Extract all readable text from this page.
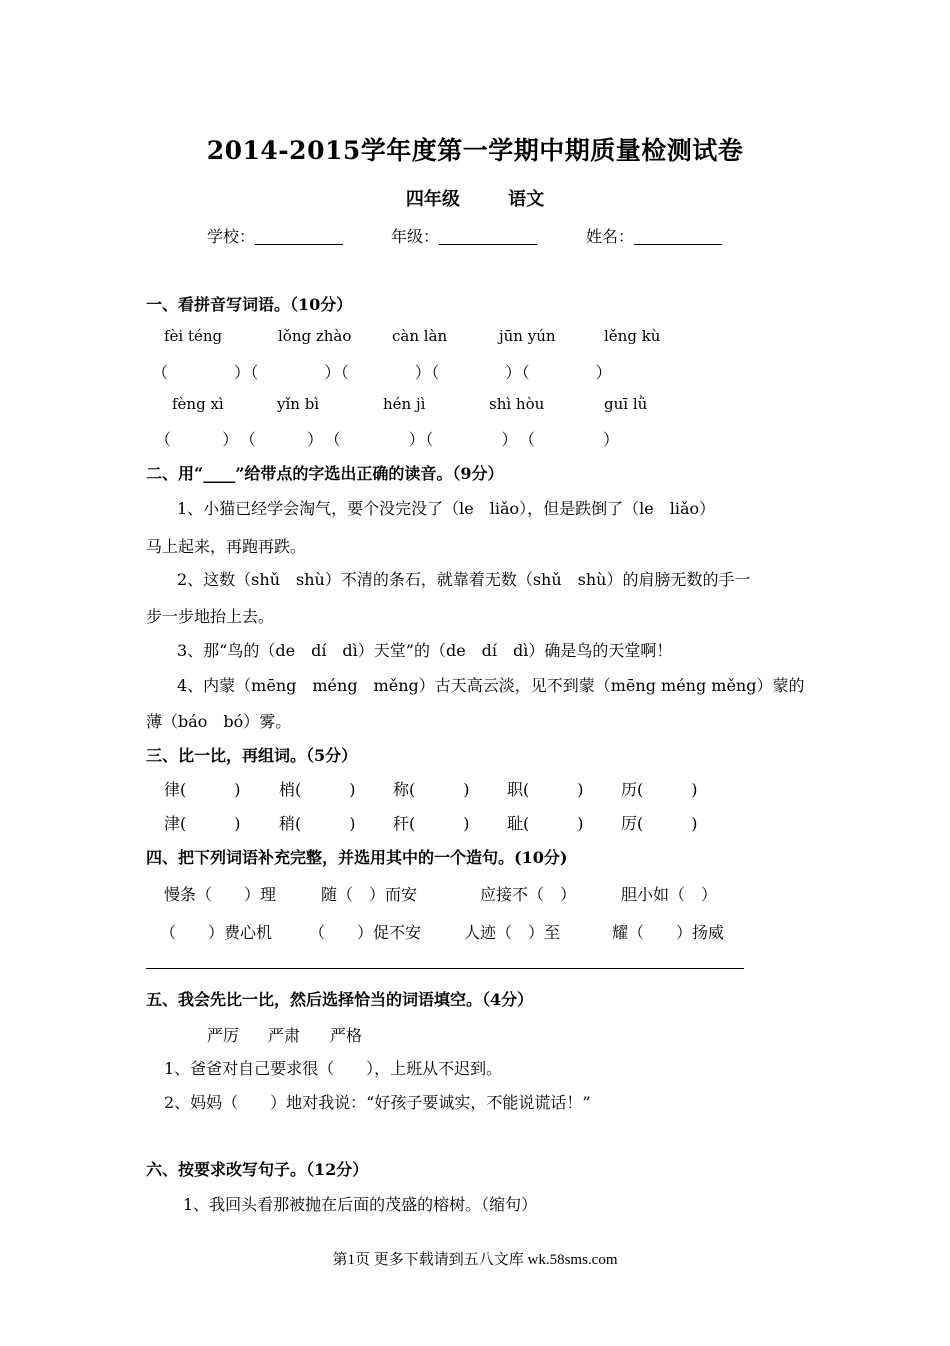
2014-2015学年度第一学期中期质量检测试卷
四年级	语文
学校：	年级：	姓名：
一、看拼音写词语。（10分）
fèi téng	lǒng zhào	càn làn	jūn yún	lěng kù
（　　　　）（　　　　）（　　　　）（　　　　）（　　　　）
fèng xì	yǐn bì	hén jì	shì hòu	guī lǜ
（　　　）　（　　　）　（　　　　）（　　　　）　（　　　　）
二、用“____”给带点的字选出正确的读音。（9分）
1、小猫已经学会淘气，要个没完没了（le　liǎo），但是跌倒了（le　liǎo）
马上起来，再跑再跌。
2、这数（shǔ　shù）不清的条石，就靠着无数（shǔ　shù）的肩膀无数的手一
步一步地抬上去。
3、那“鸟的（de　dí　dì）天堂”的（de　dí　dì）确是鸟的天堂啊！
4、内蒙（mēng　méng　měng）古天高云淡，见不到蒙（mēng méng měng）蒙的
薄（báo　bó）雾。
三、比一比，再组词。（5分）
律(　　　) 梢(　　　) 称(　　　) 职(　　　) 历(　　　)
津(　　　) 稍(　　　) 秆(　　　) 耻(　　　) 厉(　　　)
四、把下列词语补充完整，并选用其中的一个造句。(10分)
慢条（　　）理	随（　）而安	应接不（　）	胆小如（　）
（　　）费心机 （　　）促不安	人迹（　）至	耀（　　）扬威
五、我会先比一比，然后选择恰当的词语填空。（4分）
严厉 严肃 严格
1、爸爸对自己要求很（　　），上班从不迟到。
2、妈妈（　　）地对我说：“好孩子要诚实，不能说谎话！”
六、按要求改写句子。（12分）
1、我回头看那被抛在后面的茂盛的榕树。（缩句）
第1页 更多下载请到五八文库 wk.58sms.com
